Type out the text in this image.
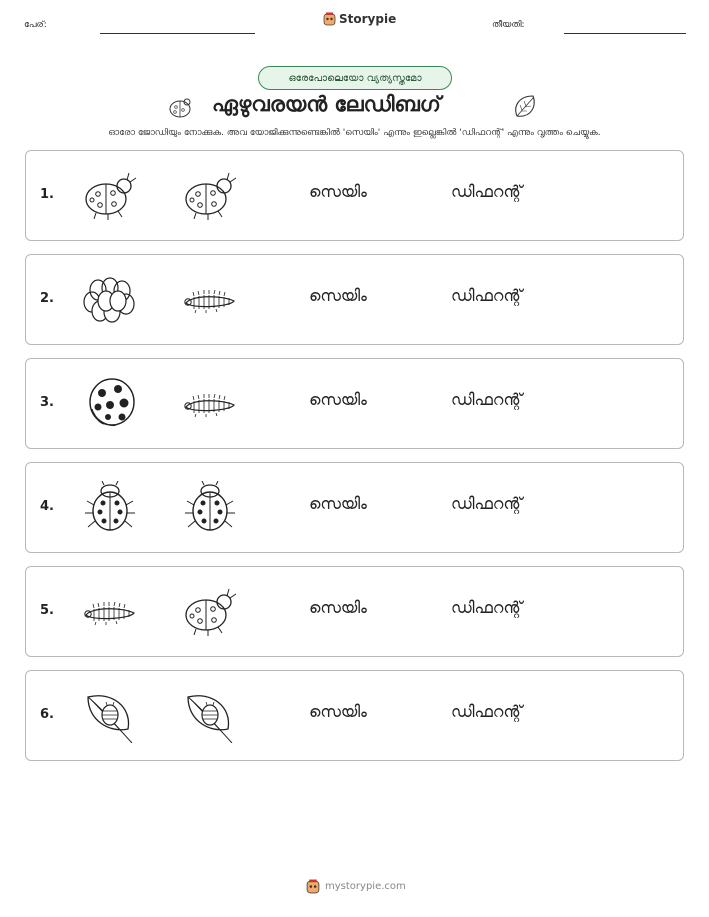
പേര്:	Storypie	തീയതി:
ഒരേപോലെയോ വ്യത്യസ്തമോ
ഏഴുവരയൻ ലേഡിബഗ്
ഓരോ ജോഡിയും നോക്കുക. അവ യോജിക്കുന്നുണ്ടെങ്കിൽ 'സെയിം' എന്നും ഇല്ലെങ്കിൽ 'ഡിഫറന്റ്' എന്നും വൃത്തം ചെയ്യുക.
1.	സെയിം	ഡിഫറന്റ്
2.	സെയിം	ഡിഫറന്റ്
3.	സെയിം	ഡിഫറന്റ്
4.	സെയിം	ഡിഫറന്റ്
5.	സെയിം	ഡിഫറന്റ്
6.	സെയിം	ഡിഫറന്റ്
mystorypie.com
